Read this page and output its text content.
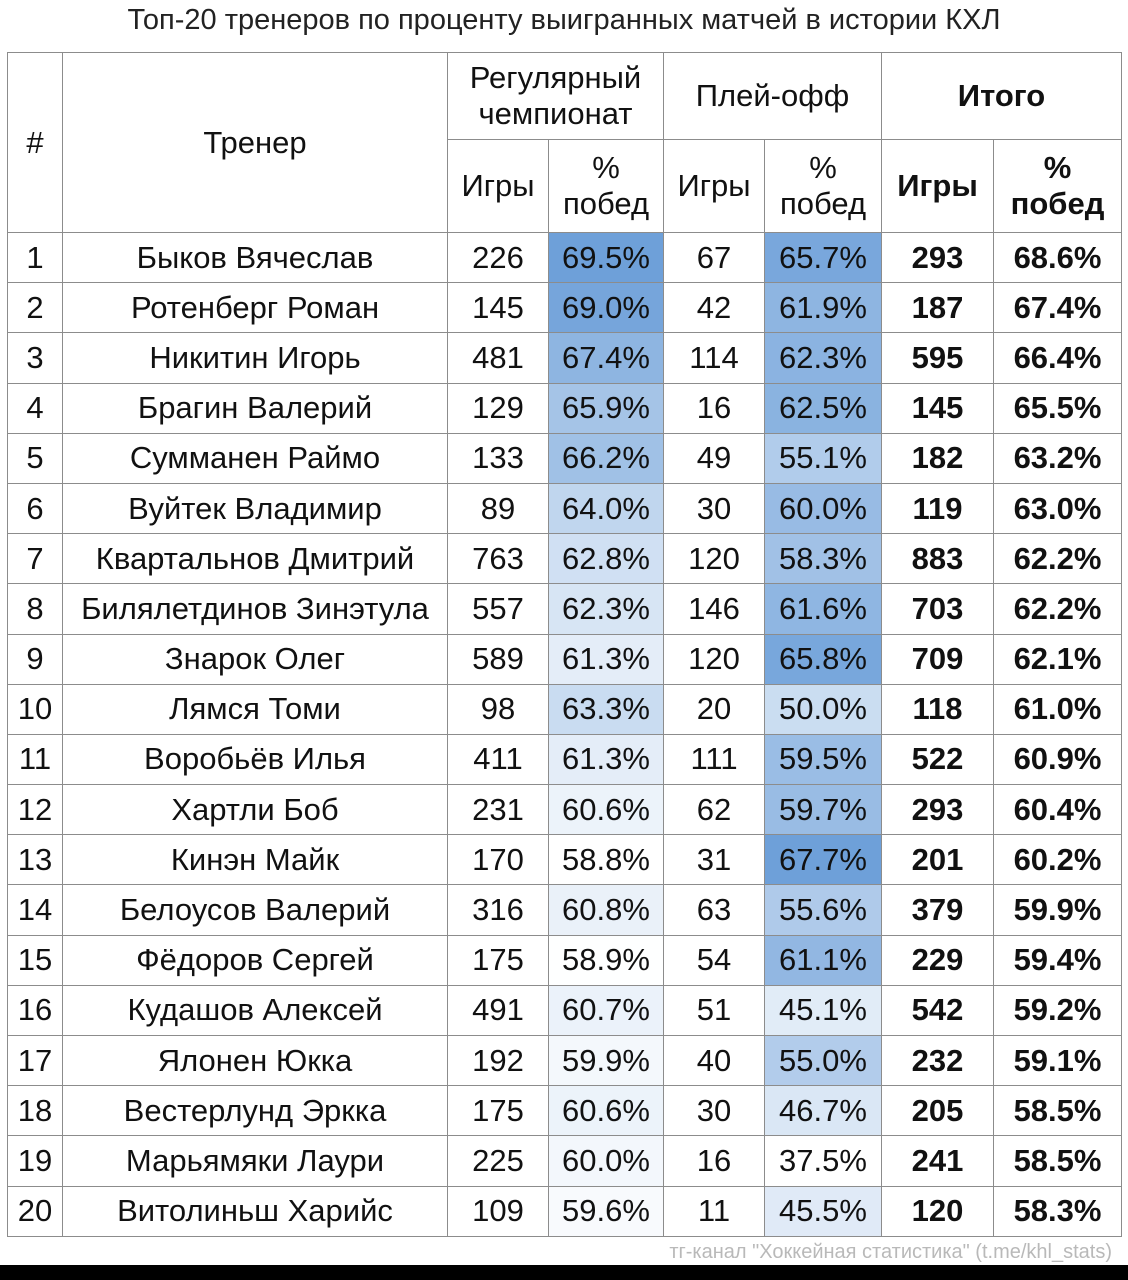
Топ-20 тренеров по проценту выигранных матчей в истории КХЛ
#	Тренер	Регулярный чемпионат		Плей-офф		Итого	
		Игры	% побед	Игры	% побед	Игры	% побед
1	Быков Вячеслав	226	69.5%	67	65.7%	293	68.6%
2	Ротенберг Роман	145	69.0%	42	61.9%	187	67.4%
3	Никитин Игорь	481	67.4%	114	62.3%	595	66.4%
4	Брагин Валерий	129	65.9%	16	62.5%	145	65.5%
5	Сумманен Раймо	133	66.2%	49	55.1%	182	63.2%
6	Вуйтек Владимир	89	64.0%	30	60.0%	119	63.0%
7	Квартальнов Дмитрий	763	62.8%	120	58.3%	883	62.2%
8	Билялетдинов Зинэтула	557	62.3%	146	61.6%	703	62.2%
9	Знарок Олег	589	61.3%	120	65.8%	709	62.1%
10	Лямся Томи	98	63.3%	20	50.0%	118	61.0%
11	Воробьёв Илья	411	61.3%	111	59.5%	522	60.9%
12	Хартли Боб	231	60.6%	62	59.7%	293	60.4%
13	Кинэн Майк	170	58.8%	31	67.7%	201	60.2%
14	Белоусов Валерий	316	60.8%	63	55.6%	379	59.9%
15	Фёдоров Сергей	175	58.9%	54	61.1%	229	59.4%
16	Кудашов Алексей	491	60.7%	51	45.1%	542	59.2%
17	Ялонен Юкка	192	59.9%	40	55.0%	232	59.1%
18	Вестерлунд Эркка	175	60.6%	30	46.7%	205	58.5%
19	Марьямяки Лаури	225	60.0%	16	37.5%	241	58.5%
20	Витолиньш Харийс	109	59.6%	11	45.5%	120	58.3%
тг-канал "Хоккейная статистика" (t.me/khl_stats)
